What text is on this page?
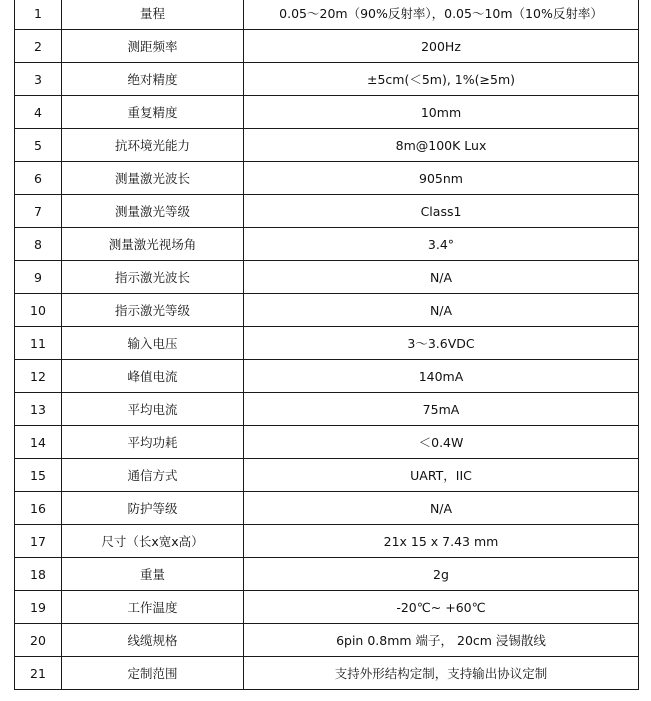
1	量程	0.05～20m（90%反射率），0.05～10m（10%反射率）
2	测距频率	200Hz
3	绝对精度	±5cm(＜5m), 1%(≥5m)
4	重复精度	10mm
5	抗环境光能力	8m@100K Lux
6	测量激光波长	905nm
7	测量激光等级	Class1
8	测量激光视场角	3.4°
9	指示激光波长	N/A
10	指示激光等级	N/A
11	输入电压	3～3.6VDC
12	峰值电流	140mA
13	平均电流	75mA
14	平均功耗	＜0.4W
15	通信方式	UART，IIC
16	防护等级	N/A
17	尺寸（长x宽x高）	21x 15 x 7.43 mm
18	重量	2g
19	工作温度	-20℃~ +60℃
20	线缆规格	6pin 0.8mm 端子， 20cm 浸锡散线
21	定制范围	支持外形结构定制，支持输出协议定制
